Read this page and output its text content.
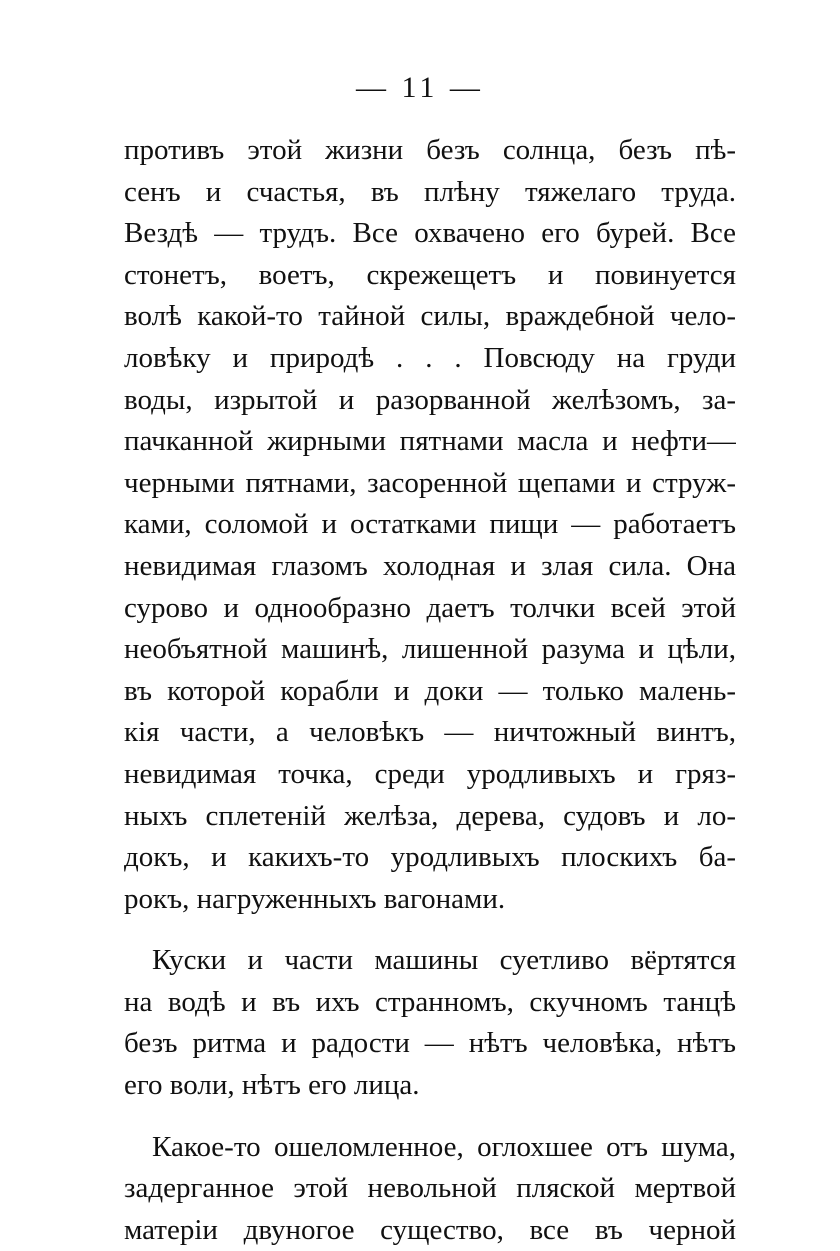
— 11 —
противъ этой жизни безъ солнца, безъ пѣ-
сенъ и счастья, въ плѣну тяжелаго труда.
Вездѣ — трудъ. Все охвачено его бурей. Все
стонетъ, воетъ, скрежещетъ и повинуется
волѣ какой-то тайной силы, враждебной чело-
ловѣку и природѣ . . . Повсюду на груди
воды, изрытой и разорванной желѣзомъ, за-
пачканной жирными пятнами масла и нефти—
черными пятнами, засоренной щепами и струж-
ками, соломой и остатками пищи — работаетъ
невидимая глазомъ холодная и злая сила. Она
сурово и однообразно даетъ толчки всей этой
необъятной машинѣ, лишенной разума и цѣли,
въ которой корабли и доки — только малень-
кія части, а человѣкъ — ничтожный винтъ,
невидимая точка, среди уродливыхъ и гряз-
ныхъ сплетеній желѣза, дерева, судовъ и ло-
докъ, и какихъ-то уродливыхъ плоскихъ ба-
рокъ, нагруженныхъ вагонами.
Куски и части машины суетливо вёртятся
на водѣ и въ ихъ странномъ, скучномъ танцѣ
безъ ритма и радости — нѣтъ человѣка, нѣтъ
его воли, нѣтъ его лица.
Какое-то ошеломленное, оглохшее отъ шума,
задерганное этой невольной пляской мертвой
матеріи двуногое существо, все въ черной
